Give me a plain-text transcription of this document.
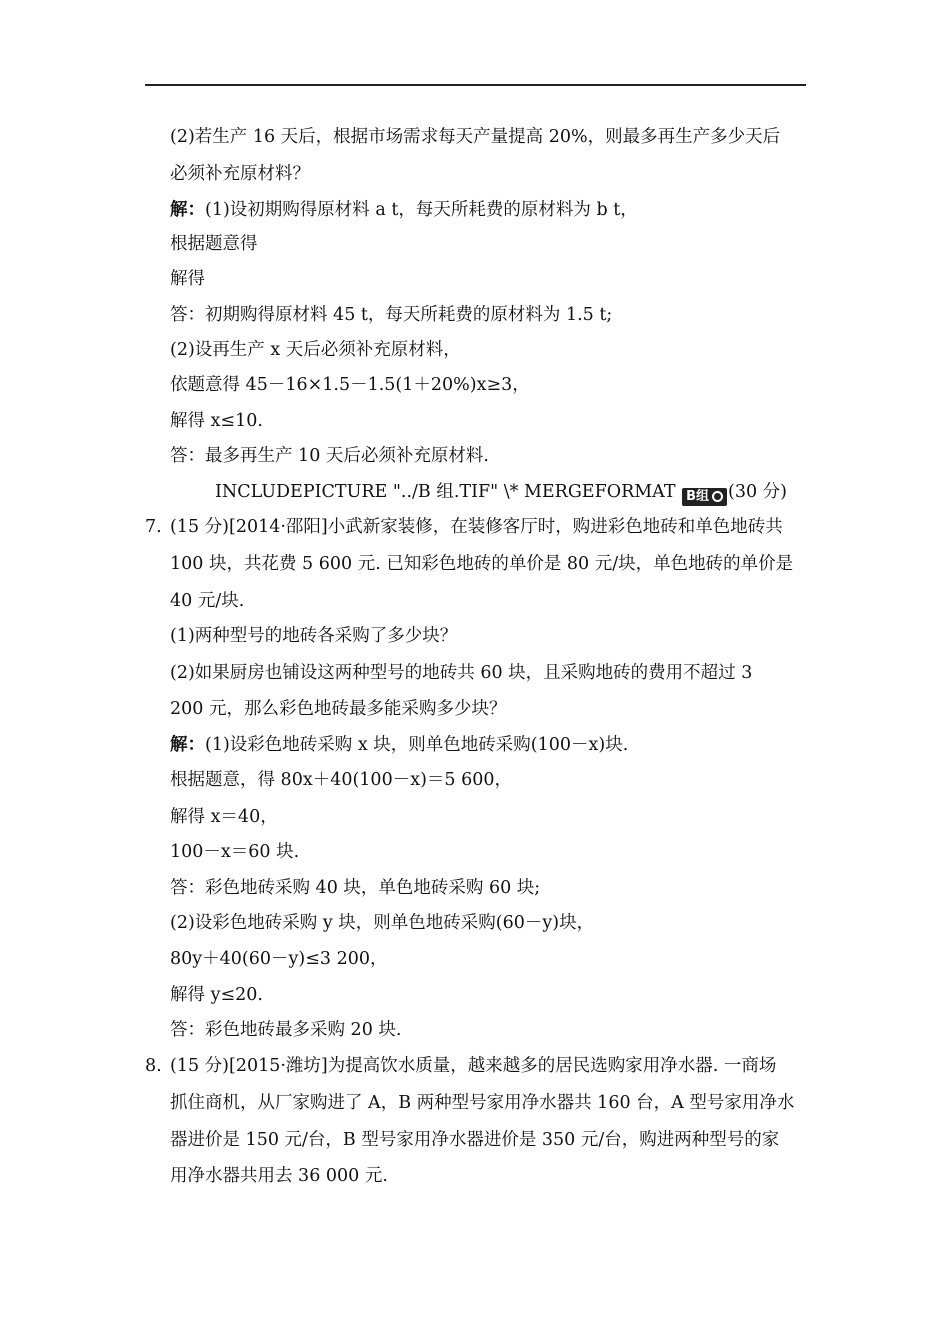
(2)若生产 16 天后，根据市场需求每天产量提高 20%，则最多再生产多少天后
必须补充原材料？
解：(1)设初期购得原材料 a t，每天所耗费的原材料为 b t，
根据题意得
解得
答：初期购得原材料 45 t，每天所耗费的原材料为 1.5 t;
(2)设再生产 x 天后必须补充原材料，
依题意得 45－16×1.5－1.5(1＋20%)x≥3，
解得 x≤10.
答：最多再生产 10 天后必须补充原材料.
INCLUDEPICTURE "../B 组.TIF" \* MERGEFORMAT B组 (30 分)
7. (15 分)[2014·邵阳]小武新家装修，在装修客厅时，购进彩色地砖和单色地砖共
100 块，共花费 5 600 元. 已知彩色地砖的单价是 80 元/块，单色地砖的单价是
40 元/块.
(1)两种型号的地砖各采购了多少块？
(2)如果厨房也铺设这两种型号的地砖共 60 块，且采购地砖的费用不超过 3
200 元，那么彩色地砖最多能采购多少块？
解：(1)设彩色地砖采购 x 块，则单色地砖采购(100－x)块.
根据题意，得 80x＋40(100－x)＝5 600，
解得 x＝40，
100－x＝60 块.
答：彩色地砖采购 40 块，单色地砖采购 60 块;
(2)设彩色地砖采购 y 块，则单色地砖采购(60－y)块，
80y＋40(60－y)≤3 200，
解得 y≤20.
答：彩色地砖最多采购 20 块.
8. (15 分)[2015·潍坊]为提高饮水质量，越来越多的居民选购家用净水器. 一商场
抓住商机，从厂家购进了 A，B 两种型号家用净水器共 160 台，A 型号家用净水
器进价是 150 元/台，B 型号家用净水器进价是 350 元/台，购进两种型号的家
用净水器共用去 36 000 元.
